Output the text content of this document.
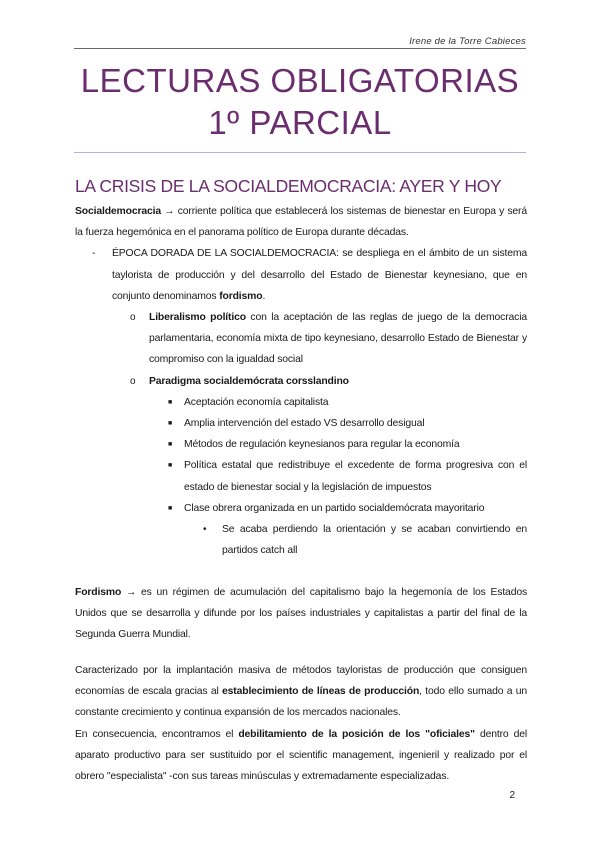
Irene de la Torre Cabieces
LECTURAS OBLIGATORIAS
1º PARCIAL
LA CRISIS DE LA SOCIALDEMOCRACIA: AYER Y HOY

Socialdemocracia → corriente política que establecerá los sistemas de bienestar en Europa y será la fuerza hegemónica en el panorama político de Europa durante décadas.

- ÉPOCA DORADA DE LA SOCIALDEMOCRACIA: se despliega en el ámbito de un sistema taylorista de producción y del desarrollo del Estado de Bienestar keynesiano, que en conjunto denominamos fordismo.
o Liberalismo político con la aceptación de las reglas de juego de la democracia parlamentaria, economía mixta de tipo keynesiano, desarrollo Estado de Bienestar y compromiso con la igualdad social
o Paradigma socialdemócrata corsslandino
■ Aceptación economía capitalista
■ Amplia intervención del estado VS desarrollo desigual
■ Métodos de regulación keynesianos para regular la economía
■ Política estatal que redistribuye el excedente de forma progresiva con el estado de bienestar social y la legislación de impuestos
■ Clase obrera organizada en un partido socialdemócrata mayoritario
• Se acaba perdiendo la orientación y se acaban convirtiendo en partidos catch all
Fordismo → es un régimen de acumulación del capitalismo bajo la hegemonía de los Estados Unidos que se desarrolla y difunde por los países industriales y capitalistas a partir del final de la Segunda Guerra Mundial.

Caracterizado por la implantación masiva de métodos tayloristas de producción que consiguen economías de escala gracias al establecimiento de líneas de producción, todo ello sumado a un constante crecimiento y continua expansión de los mercados nacionales.

En consecuencia, encontramos el debilitamiento de la posición de los "oficiales" dentro del aparato productivo para ser sustituido por el scientific management, ingenieril y realizado por el obrero "especialista" -con sus tareas minúsculas y extremadamente especializadas.

2
